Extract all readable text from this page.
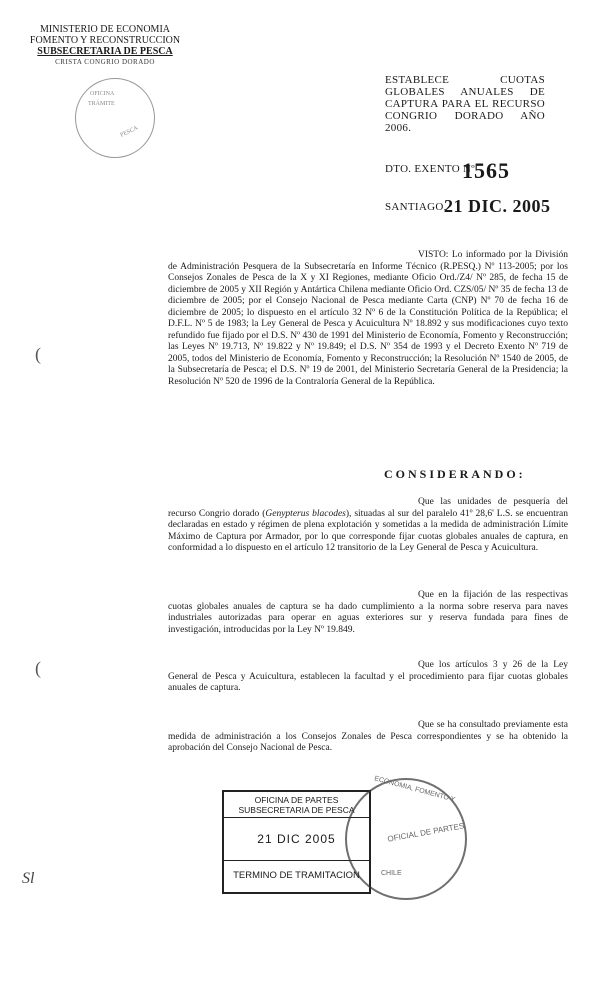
MINISTERIO DE ECONOMIA
FOMENTO Y RECONSTRUCCION
SUBSECRETARIA DE PESCA
CRISTA CONGRIO DORADO
OFICINA
TRÁMITE
PESCA
ESTABLECE CUOTAS GLOBALES ANUALES DE CAPTURA PARA EL RECURSO CONGRIO DORADO AÑO 2006.
DTO. EXENTO Nº
1565
SANTIAGO,
21 DIC. 2005
VISTO: Lo informado por la División de Administración Pesquera de la Subsecretaría en Informe Técnico (R.PESQ.) Nº 113-2005; por los Consejos Zonales de Pesca de la X y XI Regiones, mediante Oficio Ord./Z4/ Nº 285, de fecha 15 de diciembre de 2005 y XII Región y Antártica Chilena mediante Oficio Ord. CZS/05/ Nº 35 de fecha 13 de diciembre de 2005; por el Consejo Nacional de Pesca mediante Carta (CNP) Nº 70 de fecha 16 de diciembre de 2005; lo dispuesto en el artículo 32 Nº 6 de la Constitución Política de la República; el D.F.L. Nº 5 de 1983; la Ley General de Pesca y Acuicultura Nº 18.892 y sus modificaciones cuyo texto refundido fue fijado por el D.S. Nº 430 de 1991 del Ministerio de Economía, Fomento y Reconstrucción; las Leyes Nº 19.713, Nº 19.822 y Nº 19.849; el D.S. Nº 354 de 1993 y el Decreto Exento Nº 719 de 2005, todos del Ministerio de Economía, Fomento y Reconstrucción; la Resolución Nº 1540 de 2005, de la Subsecretaría de Pesca; el D.S. Nº 19 de 2001, del Ministerio Secretaría General de la Presidencia; la Resolución Nº 520 de 1996 de la Contraloría General de la República.
CONSIDERANDO:
Que las unidades de pesquería del recurso Congrio dorado (Genypterus blacodes), situadas al sur del paralelo 41º 28,6' L.S. se encuentran declaradas en estado y régimen de plena explotación y sometidas a la medida de administración Límite Máximo de Captura por Armador, por lo que corresponde fijar cuotas globales anuales de captura, en conformidad a lo dispuesto en el artículo 12 transitorio de la Ley General de Pesca y Acuicultura.
Que en la fijación de las respectivas cuotas globales anuales de captura se ha dado cumplimiento a la norma sobre reserva para naves industriales autorizadas para operar en aguas exteriores sur y reserva fundada para fines de investigación, introducidas por la Ley Nº 19.849.
Que los artículos 3 y 26 de la Ley General de Pesca y Acuicultura, establecen la facultad y el procedimiento para fijar cuotas globales anuales de captura.
Que se ha consultado previamente esta medida de administración a los Consejos Zonales de Pesca correspondientes y se ha obtenido la aprobación del Consejo Nacional de Pesca.
(
(
Sl
OFICINA DE PARTES
SUBSECRETARIA DE PESCA
21 DIC 2005
TERMINO DE TRAMITACION
ECONOMIA, FOMENTO Y
OFICIAL DE PARTES
CHILE
